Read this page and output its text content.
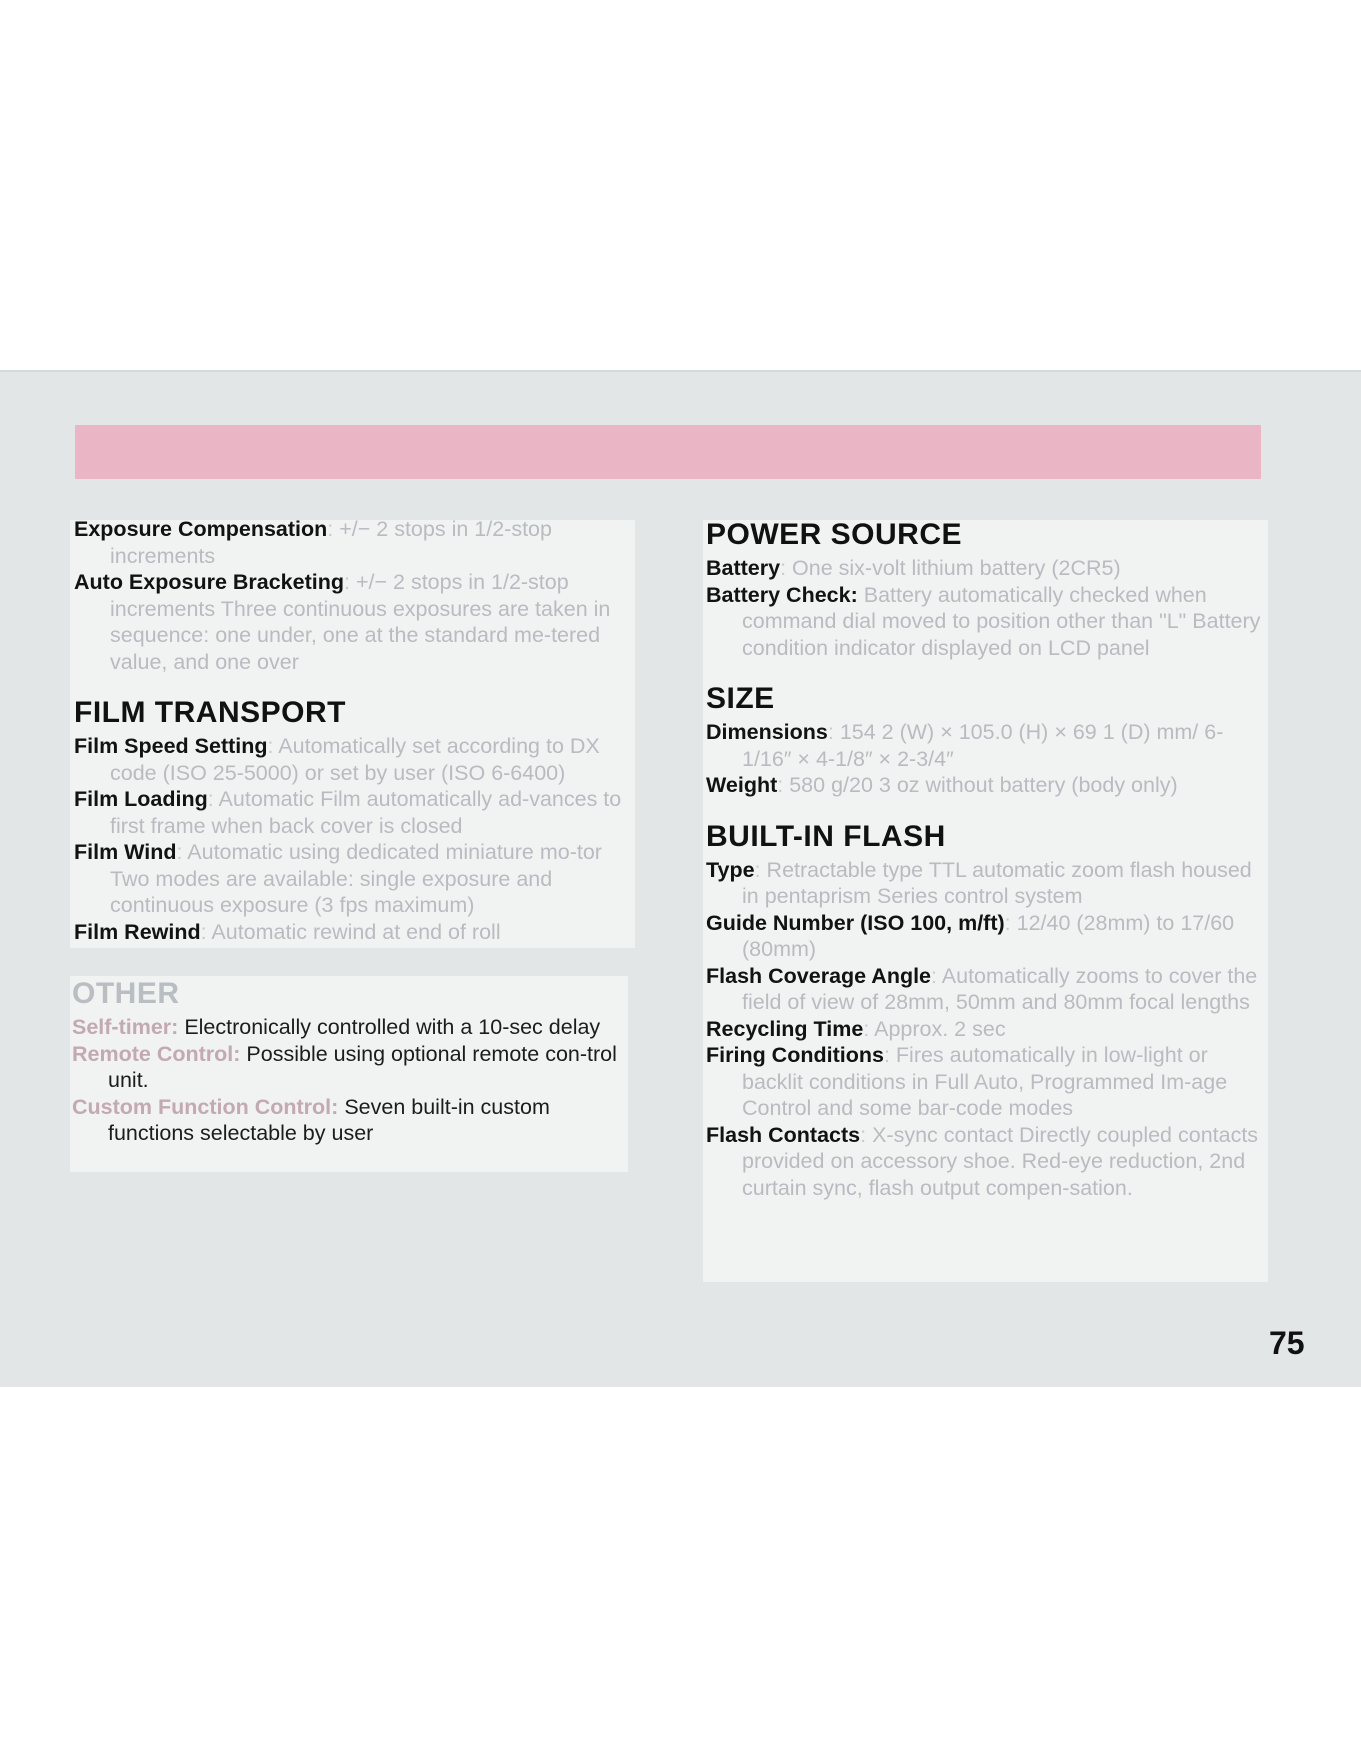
Exposure Compensation: +/− 2 stops in 1/2-stop increments

Auto Exposure Bracketing: +/− 2 stops in 1/2-stop increments Three continuous exposures are taken in sequence: one under, one at the standard me-tered value, and one over

FILM TRANSPORT

Film Speed Setting: Automatically set according to DX code (ISO 25-5000) or set by user (ISO 6-6400)

Film Loading: Automatic Film automatically ad-vances to first frame when back cover is closed

Film Wind: Automatic using dedicated miniature mo-tor Two modes are available: single exposure and continuous exposure (3 fps maximum)

Film Rewind: Automatic rewind at end of roll

OTHER

Self-timer: Electronically controlled with a 10-sec delay

Remote Control: Possible using optional remote con-trol unit.

Custom Function Control: Seven built-in custom functions selectable by user

POWER SOURCE

Battery: One six-volt lithium battery (2CR5)

Battery Check: Battery automatically checked when command dial moved to position other than "L" Battery condition indicator displayed on LCD panel

SIZE

Dimensions: 154 2 (W) × 105.0 (H) × 69 1 (D) mm/ 6-1/16″ × 4-1/8″ × 2-3/4″

Weight: 580 g/20 3 oz without battery (body only)

BUILT-IN FLASH

Type: Retractable type TTL automatic zoom flash housed in pentaprism Series control system

Guide Number (ISO 100, m/ft): 12/40 (28mm) to 17/60 (80mm)

Flash Coverage Angle: Automatically zooms to cover the field of view of 28mm, 50mm and 80mm focal lengths

Recycling Time: Approx. 2 sec

Firing Conditions: Fires automatically in low-light or backlit conditions in Full Auto, Programmed Im-age Control and some bar-code modes

Flash Contacts: X-sync contact Directly coupled contacts provided on accessory shoe. Red-eye reduction, 2nd curtain sync, flash output compen-sation.

75
